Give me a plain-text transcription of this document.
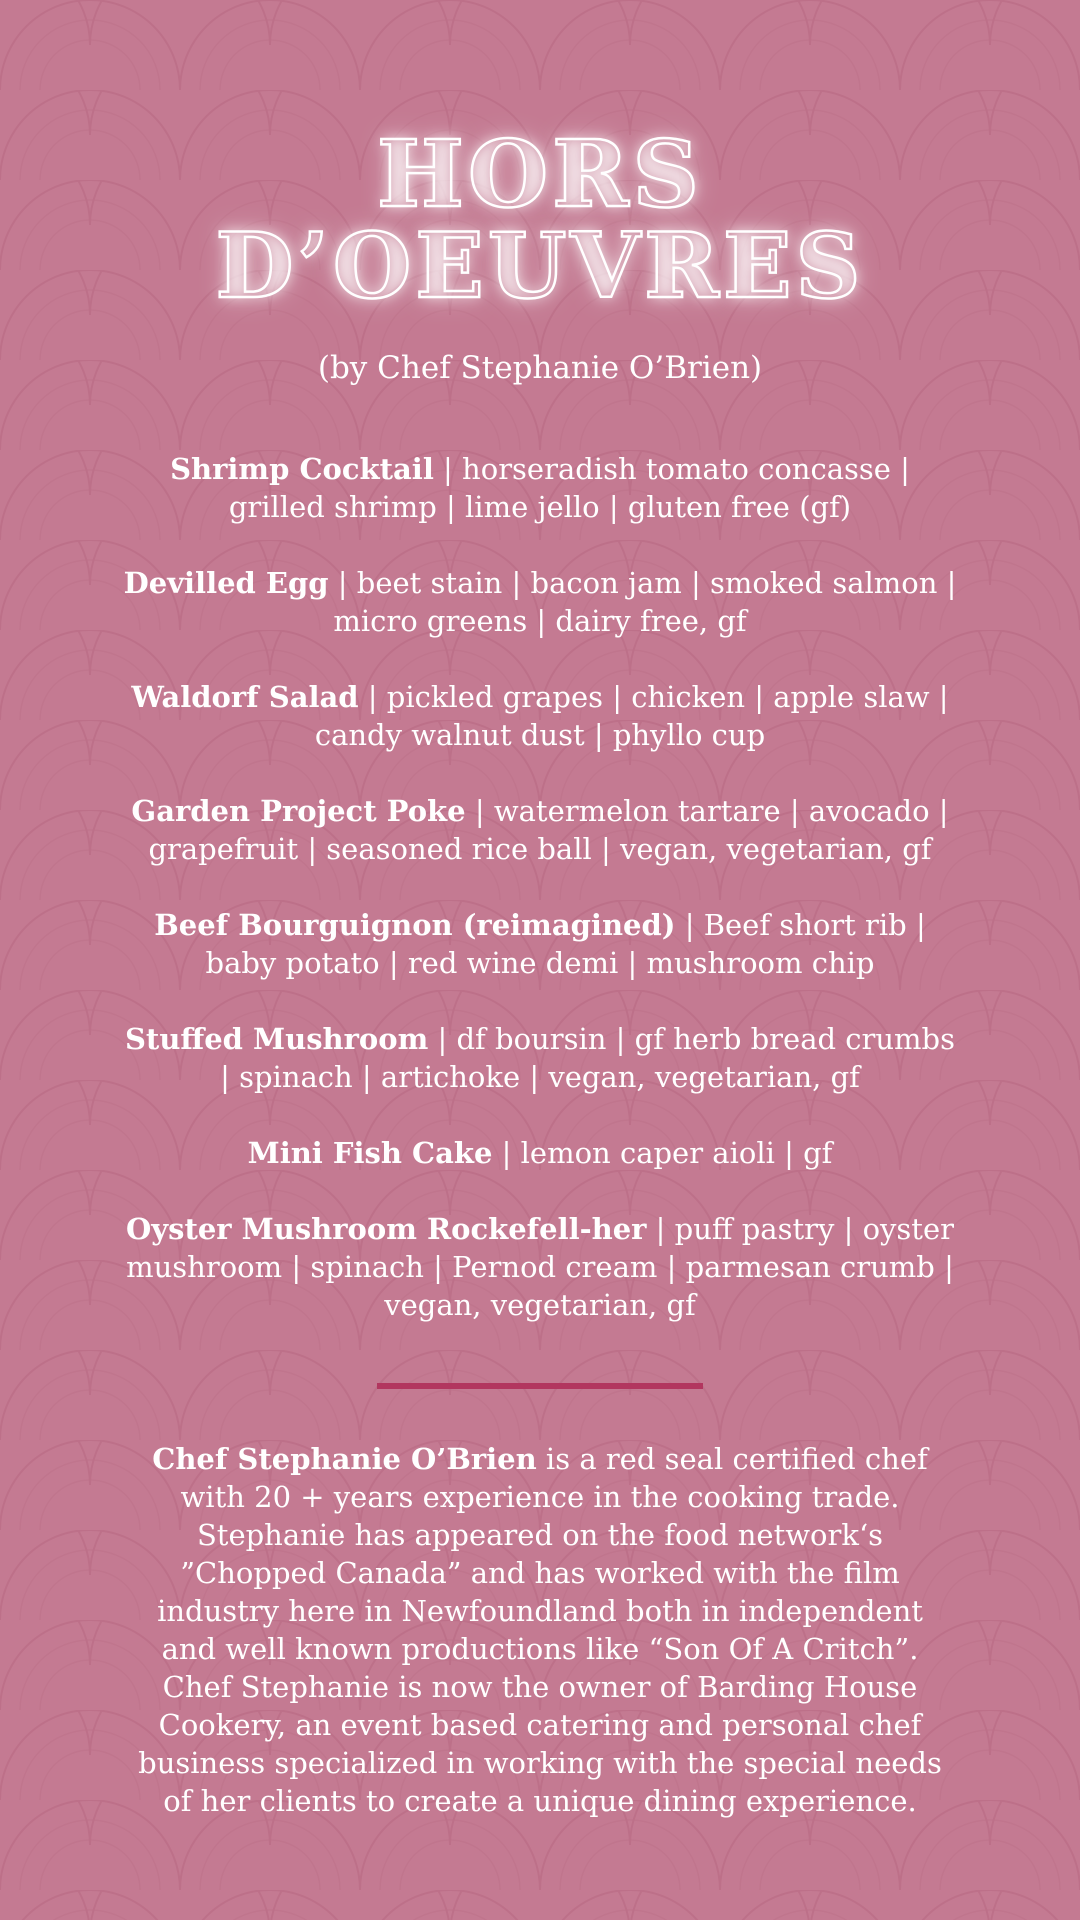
HORS
D’OEUVRES
(by Chef Stephanie O’Brien)
Shrimp Cocktail | horseradish tomato concasse | grilled shrimp | lime jello | gluten free (gf)
Devilled Egg | beet stain | bacon jam | smoked salmon | micro greens | dairy free, gf
Waldorf Salad | pickled grapes | chicken | apple slaw | candy walnut dust | phyllo cup
Garden Project Poke | watermelon tartare | avocado | grapefruit | seasoned rice ball | vegan, vegetarian, gf
Beef Bourguignon (reimagined) | Beef short rib | baby potato | red wine demi | mushroom chip
Stuffed Mushroom | df boursin | gf herb bread crumbs | spinach | artichoke | vegan, vegetarian, gf
Mini Fish Cake | lemon caper aioli | gf
Oyster Mushroom Rockefell-her | puff pastry | oyster mushroom | spinach | Pernod cream | parmesan crumb | vegan, vegetarian, gf

Chef Stephanie O’Brien is a red seal certified chef with 20 + years experience in the cooking trade. Stephanie has appeared on the food network‘s ”Chopped Canada” and has worked with the film industry here in Newfoundland both in independent and well known productions like “Son Of A Critch”. Chef Stephanie is now the owner of Barding House Cookery, an event based catering and personal chef business specialized in working with the special needs of her clients to create a unique dining experience.
